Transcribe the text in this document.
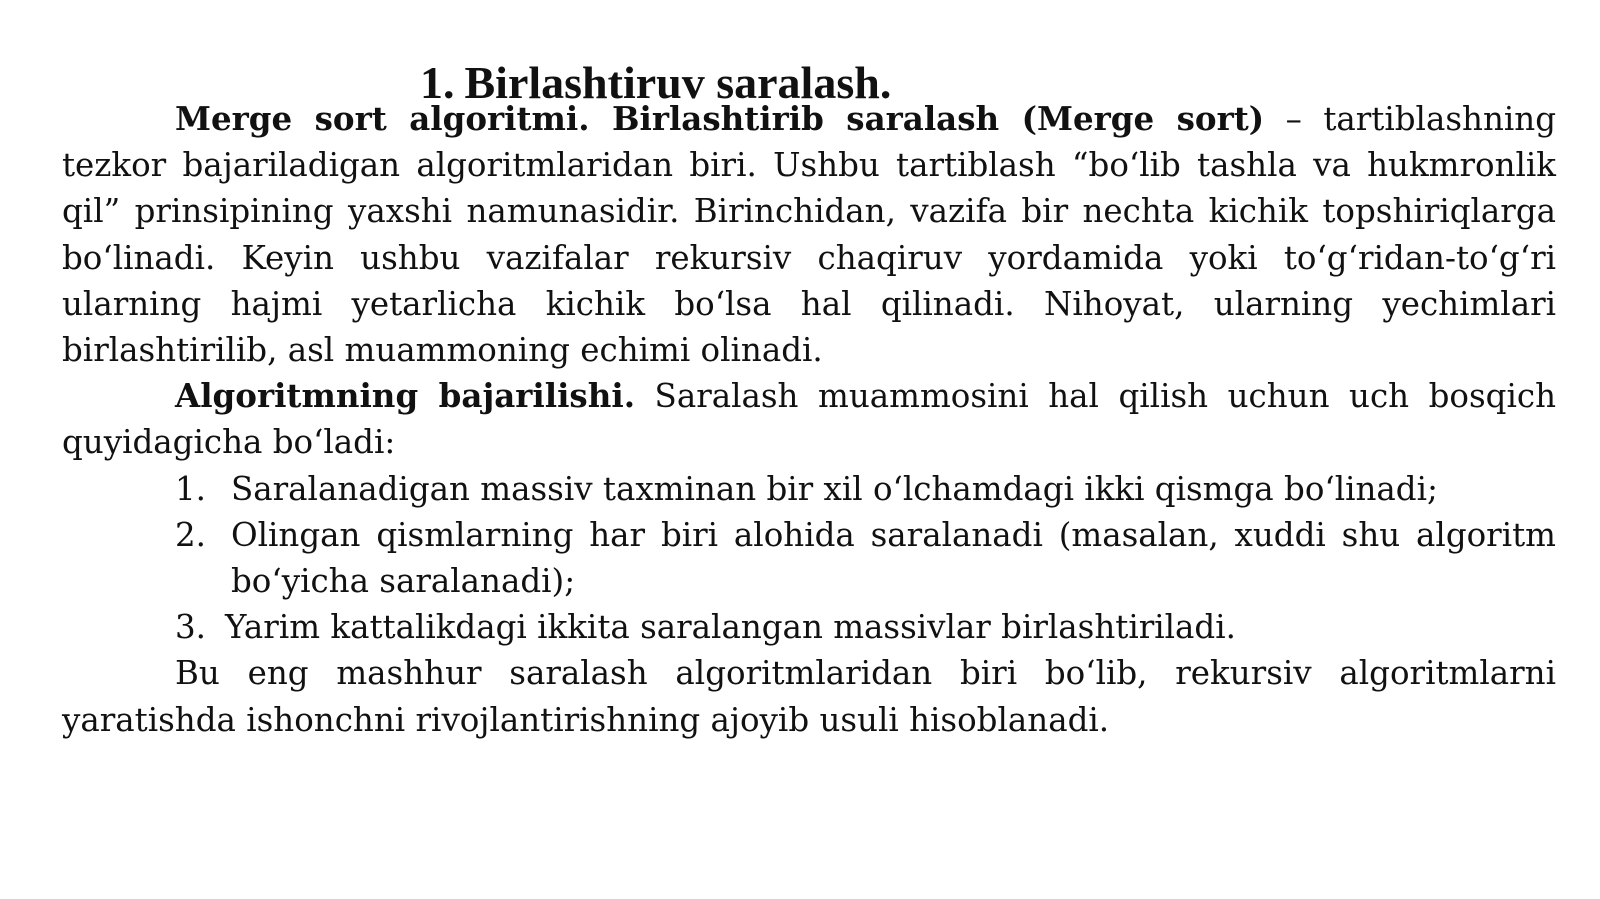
1. Birlashtiruv saralash.

Merge sort algoritmi. Birlashtirib saralash (Merge sort) – tartiblashning tezkor bajariladigan algoritmlaridan biri. Ushbu tartiblash “bo‘lib tashla va hukmronlik qil” prinsipining yaxshi namunasidir. Birinchidan, vazifa bir nechta kichik topshiriqlarga bo‘linadi. Keyin ushbu vazifalar rekursiv chaqiruv yordamida yoki to‘g‘ridan-to‘g‘ri ularning hajmi yetarlicha kichik bo‘lsa hal qilinadi. Nihoyat, ularning yechimlari birlashtirilib, asl muammoning echimi olinadi.

Algoritmning bajarilishi. Saralash muammosini hal qilish uchun uch bosqich quyidagicha bo‘ladi:

1. Saralanadigan massiv taxminan bir xil o‘lchamdagi ikki qismga bo‘linadi;
2. Olingan qismlarning har biri alohida saralanadi (masalan, xuddi shu algoritm bo‘yicha saralanadi);
3. Yarim kattalikdagi ikkita saralangan massivlar birlashtiriladi.

Bu eng mashhur saralash algoritmlaridan biri bo‘lib, rekursiv algoritmlarni yaratishda ishonchni rivojlantirishning ajoyib usuli hisoblanadi.
